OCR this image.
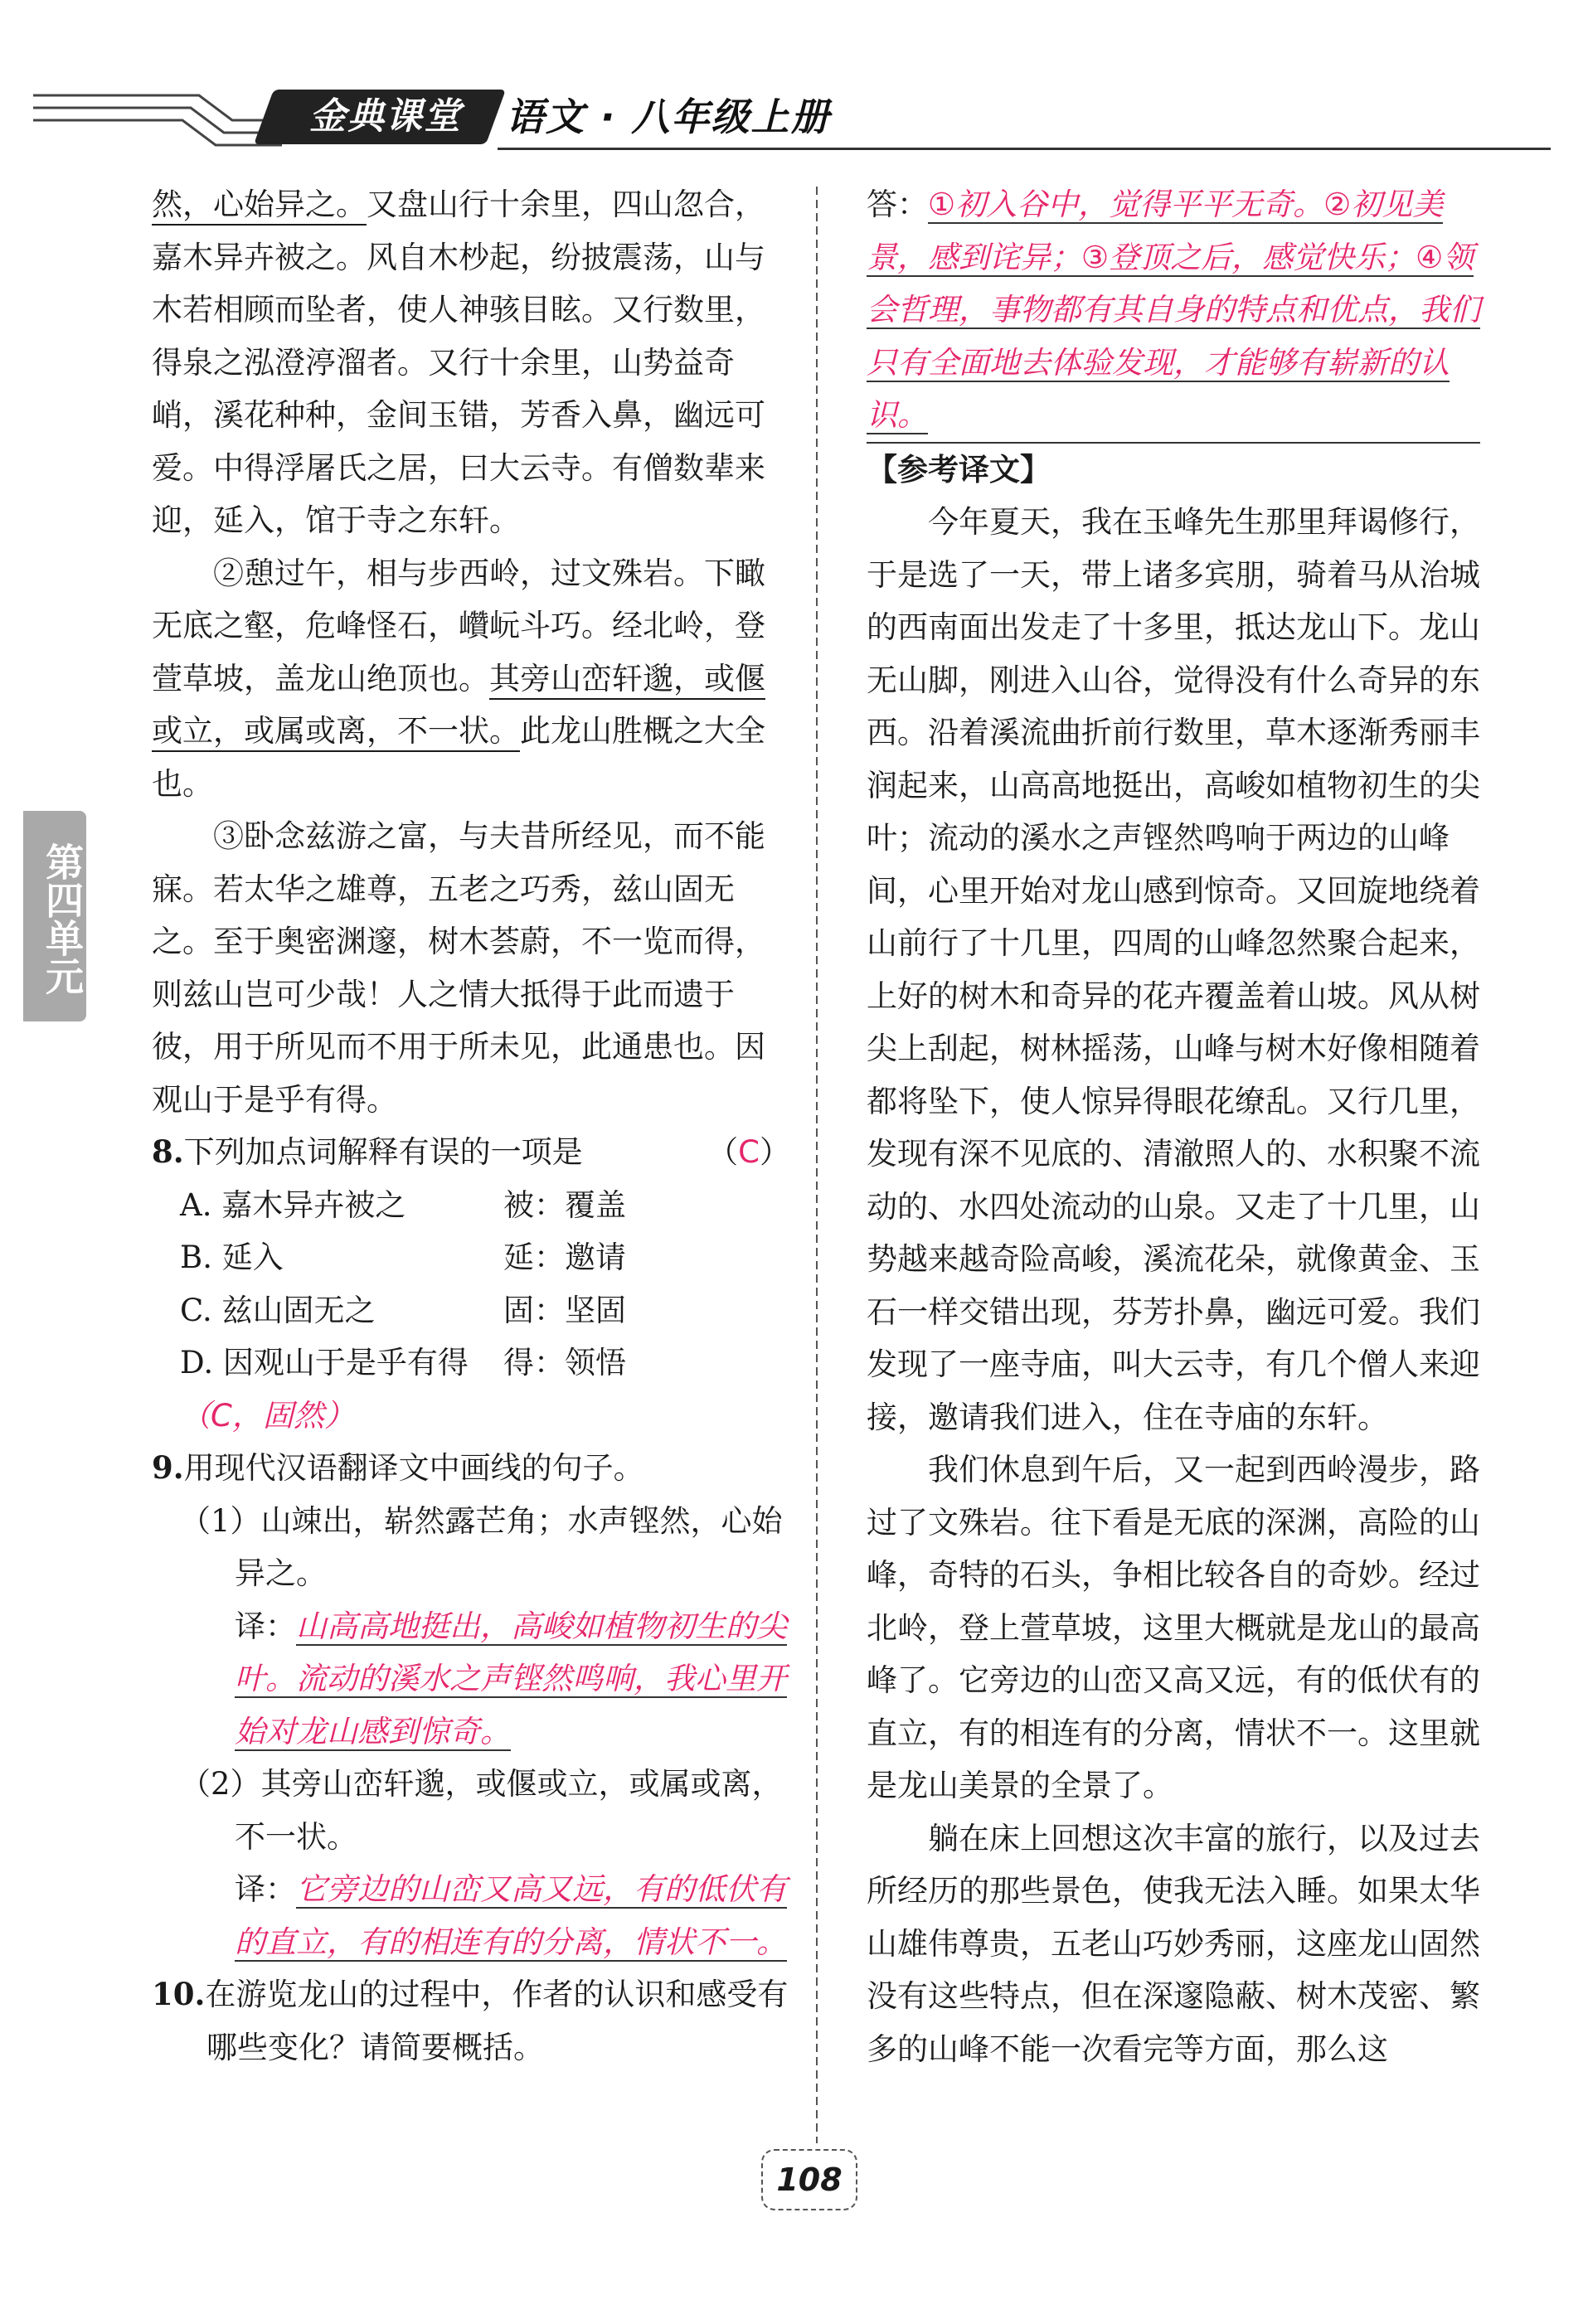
金典课堂	语文 · 八年级上册
第四单元

然，心始异之。又盘山行十余里，四山忽合，嘉木异卉被之。风自木杪起，纷披震荡，山与木若相顾而坠者，使人神骇目眩。又行数里，得泉之泓澄渟溜者。又行十余里，山势益奇峭，溪花种种，金间玉错，芳香入鼻，幽远可爱。中得浮屠氏之居，曰大云寺。有僧数辈来迎，延入，馆于寺之东轩。

②憩过午，相与步西岭，过文殊岩。下瞰无底之壑，危峰怪石，巑岏斗巧。经北岭，登萱草坡，盖龙山绝顶也。其旁山峦轩邈，或偃或立，或属或离，不一状。此龙山胜概之大全也。

③卧念兹游之富，与夫昔所经见，而不能寐。若太华之雄尊，五老之巧秀，兹山固无之。至于奥密渊邃，树木荟蔚，不一览而得，则兹山岂可少哉！人之情大抵得于此而遗于彼，用于所见而不用于所未见，此通患也。因观山于是乎有得。

8.下列加点词解释有误的一项是	（C）

A. 嘉木异卉被之	被：覆盖
B. 延入	延：邀请
C. 兹山固无之	固：坚固
D. 因观山于是乎有得	得：领悟

（C，固然）

9.用现代汉语翻译文中画线的句子。

（1）山竦出，崭然露芒角；水声铿然，心始异之。

译：山高高地挺出，高峻如植物初生的尖叶。流动的溪水之声铿然鸣响，我心里开始对龙山感到惊奇。

（2）其旁山峦轩邈，或偃或立，或属或离，不一状。

译：它旁边的山峦又高又远，有的低伏有的直立，有的相连有的分离，情状不一。

10.在游览龙山的过程中，作者的认识和感受有哪些变化？请简要概括。

答：①初入谷中，觉得平平无奇。②初见美景，感到诧异；③登顶之后，感觉快乐；④领会哲理，事物都有其自身的特点和优点，我们只有全面地去体验发现，才能够有崭新的认识。

【参考译文】

今年夏天，我在玉峰先生那里拜谒修行，于是选了一天，带上诸多宾朋，骑着马从治城的西南面出发走了十多里，抵达龙山下。龙山无山脚，刚进入山谷，觉得没有什么奇异的东西。沿着溪流曲折前行数里，草木逐渐秀丽丰润起来，山高高地挺出，高峻如植物初生的尖叶；流动的溪水之声铿然鸣响于两边的山峰间，心里开始对龙山感到惊奇。又回旋地绕着山前行了十几里，四周的山峰忽然聚合起来，上好的树木和奇异的花卉覆盖着山坡。风从树尖上刮起，树林摇荡，山峰与树木好像相随着都将坠下，使人惊异得眼花缭乱。又行几里，发现有深不见底的、清澈照人的、水积聚不流动的、水四处流动的山泉。又走了十几里，山势越来越奇险高峻，溪流花朵，就像黄金、玉石一样交错出现，芬芳扑鼻，幽远可爱。我们发现了一座寺庙，叫大云寺，有几个僧人来迎接，邀请我们进入，住在寺庙的东轩。

我们休息到午后，又一起到西岭漫步，路过了文殊岩。往下看是无底的深渊，高险的山峰，奇特的石头，争相比较各自的奇妙。经过北岭，登上萱草坡，这里大概就是龙山的最高峰了。它旁边的山峦又高又远，有的低伏有的直立，有的相连有的分离，情状不一。这里就是龙山美景的全景了。

躺在床上回想这次丰富的旅行，以及过去所经历的那些景色，使我无法入睡。如果太华山雄伟尊贵，五老山巧妙秀丽，这座龙山固然没有这些特点，但在深邃隐蔽、树木茂密、繁多的山峰不能一次看完等方面，那么这

108
